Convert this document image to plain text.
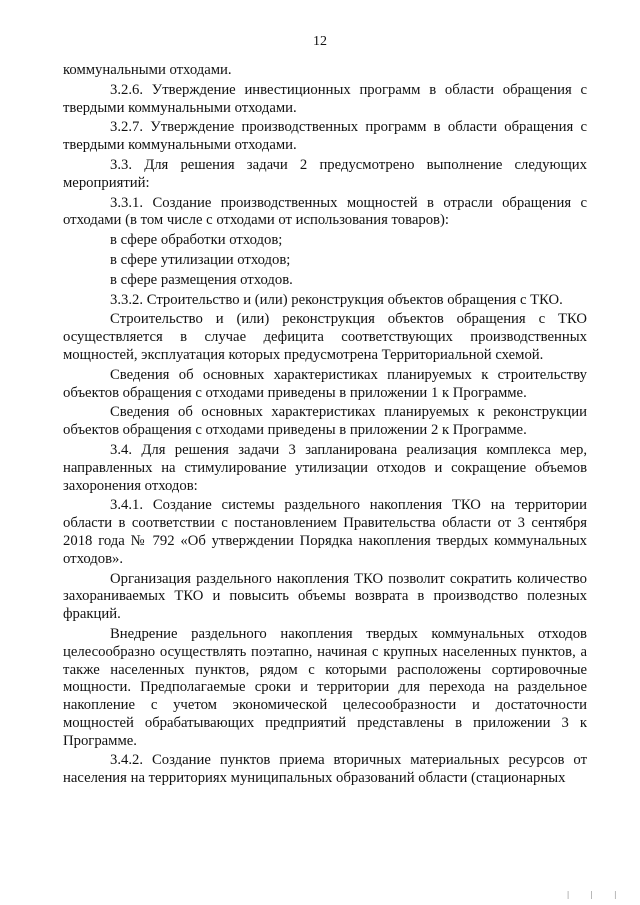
12

коммунальными отходами.

3.2.6. Утверждение инвестиционных программ в области обращения с твердыми коммунальными отходами.

3.2.7. Утверждение производственных программ в области обращения с твердыми коммунальными отходами.

3.3. Для решения задачи 2 предусмотрено выполнение следующих мероприятий:

3.3.1. Создание производственных мощностей в отрасли обращения с отходами (в том числе с отходами от использования товаров):

в сфере обработки отходов;

в сфере утилизации отходов;

в сфере размещения отходов.

3.3.2. Строительство и (или) реконструкция объектов обращения с ТКО.

Строительство и (или) реконструкция объектов обращения с ТКО осуществляется в случае дефицита соответствующих производственных мощностей, эксплуатация которых предусмотрена Территориальной схемой.

Сведения об основных характеристиках планируемых к строительству объектов обращения с отходами приведены в приложении 1 к Программе.

Сведения об основных характеристиках планируемых к реконструкции объектов обращения с отходами приведены в приложении 2 к Программе.

3.4. Для решения задачи 3 запланирована реализация комплекса мер, направленных на стимулирование утилизации отходов и сокращение объемов захоронения отходов:

3.4.1. Создание системы раздельного накопления ТКО на территории области в соответствии с постановлением Правительства области от 3 сентября 2018 года № 792 «Об утверждении Порядка накопления твердых коммунальных отходов».

Организация раздельного накопления ТКО позволит сократить количество захораниваемых ТКО и повысить объемы возврата в производство полезных фракций.

Внедрение раздельного накопления твердых коммунальных отходов целесообразно осуществлять поэтапно, начиная с крупных населенных пунктов, а также населенных пунктов, рядом с которыми расположены сортировочные мощности. Предполагаемые сроки и территории для перехода на раздельное накопление с учетом экономической целесообразности и достаточности мощностей обрабатывающих предприятий представлены в приложении 3 к Программе.

3.4.2. Создание пунктов приема вторичных материальных ресурсов от населения на территориях муниципальных образований области (стационарных

| | |
